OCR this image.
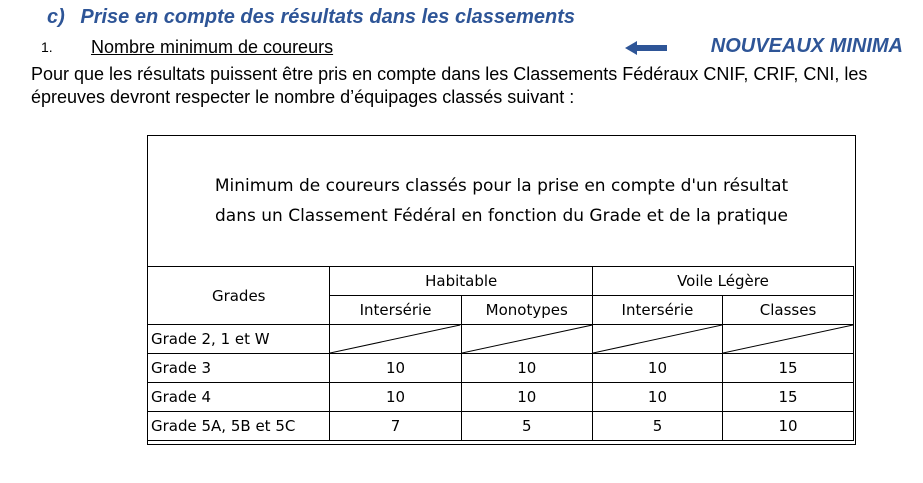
c) Prise en compte des résultats dans les classements
1. Nombre minimum de coureurs	NOUVEAUX MINIMA
Pour que les résultats puissent être pris en compte dans les Classements Fédéraux CNIF, CRIF, CNI, les épreuves devront respecter le nombre d’équipages classés suivant :
Minimum de coureurs classés pour la prise en compte d'un résultat
dans un Classement Fédéral en fonction du Grade et de la pratique
Grades	Habitable		Voile Légère	
	Intersérie	Monotypes	Intersérie	Classes
Grade 2, 1 et W	

Grade 3	10	10	10	15
Grade 4	10	10	10	15
Grade 5A, 5B et 5C	7	5	5	10
